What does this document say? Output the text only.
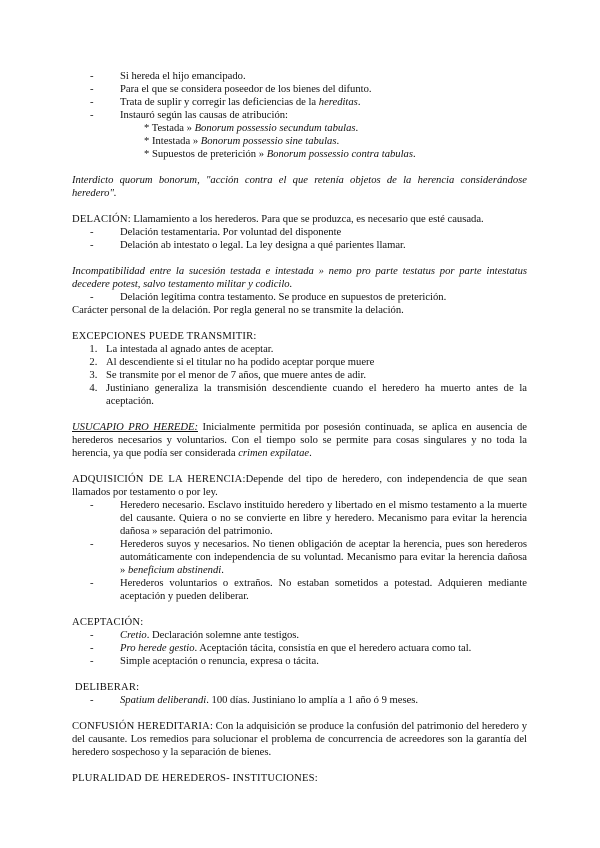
- Si hereda el hijo emancipado.
- Para el que se considera poseedor de los bienes del difunto.
- Trata de suplir y corregir las deficiencias de la hereditas.
- Instauró según las causas de atribución:
* Testada » Bonorum possessio secundum tabulas.
* Intestada » Bonorum possessio sine tabulas.
* Supuestos de preterición » Bonorum possessio contra tabulas.

Interdicto quorum bonorum, "acción contra el que retenía objetos de la herencia considerándose heredero".

DELACIÓN: Llamamiento a los herederos. Para que se produzca, es necesario que esté causada.

- Delación testamentaria. Por voluntad del disponente
- Delación ab intestato o legal. La ley designa a qué parientes llamar.

Incompatibilidad entre la sucesión testada e intestada » nemo pro parte testatus por parte intestatus decedere potest, salvo testamento militar y codicilo.

- Delación legítima contra testamento. Se produce en supuestos de preterición.

Carácter personal de la delación. Por regla general no se transmite la delación.

EXCEPCIONES PUEDE TRANSMITIR:

1. La intestada al agnado antes de aceptar.
2. Al descendiente si el titular no ha podido aceptar porque muere
3. Se transmite por el menor de 7 años, que muere antes de adir.
4. Justiniano generaliza la transmisión descendiente cuando el heredero ha muerto antes de la aceptación.

USUCAPIO PRO HEREDE: Inicialmente permitida por posesión continuada, se aplica en ausencia de herederos necesarios y voluntarios. Con el tiempo solo se permite para cosas singulares y no toda la herencia, ya que podía ser considerada crimen expilatae.

ADQUISICIÓN DE LA HERENCIA:Depende del tipo de heredero, con independencia de que sean llamados por testamento o por ley.

- Heredero necesario. Esclavo instituido heredero y libertado en el mismo testamento a la muerte del causante. Quiera o no se convierte en libre y heredero. Mecanismo para evitar la herencia dañosa » separación del patrimonio.
- Herederos suyos y necesarios. No tienen obligación de aceptar la herencia, pues son herederos automáticamente con independencia de su voluntad. Mecanismo para evitar la herencia dañosa » beneficium abstinendi.
- Herederos voluntarios o extraños. No estaban sometidos a potestad. Adquieren mediante aceptación y pueden deliberar.

ACEPTACIÓN:

- Cretio. Declaración solemne ante testigos.
- Pro herede gestio. Aceptación tácita, consistía en que el heredero actuara como tal.
- Simple aceptación o renuncia, expresa o tácita.

DELIBERAR:

- Spatium deliberandi. 100 días. Justiniano lo amplía a 1 año ó 9 meses.

CONFUSIÓN HEREDITARIA: Con la adquisición se produce la confusión del patrimonio del heredero y del causante. Los remedios para solucionar el problema de concurrencia de acreedores son la garantía del heredero sospechoso y la separación de bienes.

PLURALIDAD DE HEREDEROS- INSTITUCIONES:
